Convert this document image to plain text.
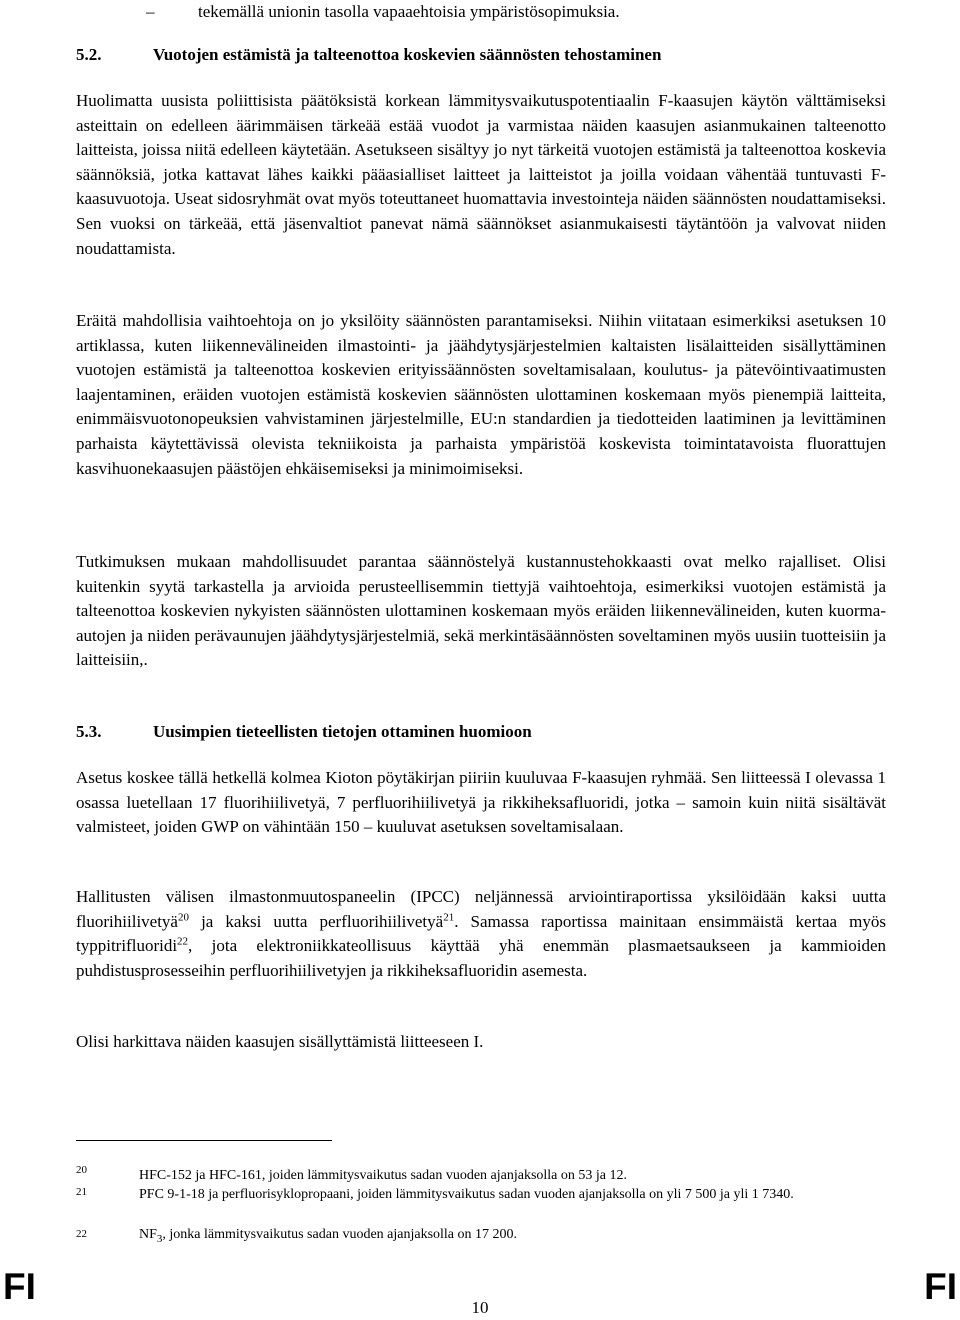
–	tekemällä unionin tasolla vapaaehtoisia ympäristösopimuksia.
5.2.	Vuotojen estämistä ja talteenottoa koskevien säännösten tehostaminen

Huolimatta uusista poliittisista päätöksistä korkean lämmitysvaikutuspotentiaalin F-kaasujen käytön välttämiseksi asteittain on edelleen äärimmäisen tärkeää estää vuodot ja varmistaa näiden kaasujen asianmukainen talteenotto laitteista, joissa niitä edelleen käytetään. Asetukseen sisältyy jo nyt tärkeitä vuotojen estämistä ja talteenottoa koskevia säännöksiä, jotka kattavat lähes kaikki pääasialliset laitteet ja laitteistot ja joilla voidaan vähentää tuntuvasti F-kaasuvuotoja. Useat sidosryhmät ovat myös toteuttaneet huomattavia investointeja näiden säännösten noudattamiseksi. Sen vuoksi on tärkeää, että jäsenvaltiot panevat nämä säännökset asianmukaisesti täytäntöön ja valvovat niiden noudattamista.

Eräitä mahdollisia vaihtoehtoja on jo yksilöity säännösten parantamiseksi. Niihin viitataan esimerkiksi asetuksen 10 artiklassa, kuten liikennevälineiden ilmastointi- ja jäähdytysjärjestelmien kaltaisten lisälaitteiden sisällyttäminen vuotojen estämistä ja talteenottoa koskevien erityissäännösten soveltamisalaan, koulutus- ja pätevöintivaatimusten laajentaminen, eräiden vuotojen estämistä koskevien säännösten ulottaminen koskemaan myös pienempiä laitteita, enimmäisvuotonopeuksien vahvistaminen järjestelmille, EU:n standardien ja tiedotteiden laatiminen ja levittäminen parhaista käytettävissä olevista tekniikoista ja parhaista ympäristöä koskevista toimintatavoista fluorattujen kasvihuonekaasujen päästöjen ehkäisemiseksi ja minimoimiseksi.

Tutkimuksen mukaan mahdollisuudet parantaa säännöstelyä kustannustehokkaasti ovat melko rajalliset. Olisi kuitenkin syytä tarkastella ja arvioida perusteellisemmin tiettyjä vaihtoehtoja, esimerkiksi vuotojen estämistä ja talteenottoa koskevien nykyisten säännösten ulottaminen koskemaan myös eräiden liikennevälineiden, kuten kuorma-autojen ja niiden perävaunujen jäähdytysjärjestelmiä, sekä merkintäsäännösten soveltaminen myös uusiin tuotteisiin ja laitteisiin,.

5.3.	Uusimpien tieteellisten tietojen ottaminen huomioon

Asetus koskee tällä hetkellä kolmea Kioton pöytäkirjan piiriin kuuluvaa F-kaasujen ryhmää. Sen liitteessä I olevassa 1 osassa luetellaan 17 fluorihiilivetyä, 7 perfluorihiilivetyä ja rikkiheksafluoridi, jotka – samoin kuin niitä sisältävät valmisteet, joiden GWP on vähintään 150 – kuuluvat asetuksen soveltamisalaan.

Hallitusten välisen ilmastonmuutospaneelin (IPCC) neljännessä arviointiraportissa yksilöidään kaksi uutta fluorihiilivetyä$^{20}$ ja kaksi uutta perfluorihiilivetyä$^{21}$. Samassa raportissa mainitaan ensimmäistä kertaa myös typpitrifluoridi$^{22}$, jota elektroniikkateollisuus käyttää yhä enemmän plasmaetsaukseen ja kammioiden puhdistusprosesseihin perfluorihiilivetyjen ja rikkiheksafluoridin asemesta.

Olisi harkittava näiden kaasujen sisällyttämistä liitteeseen I.

20	HFC-152 ja HFC-161, joiden lämmitysvaikutus sadan vuoden ajanjaksolla on 53 ja 12.
21	PFC 9-1-18 ja perfluorisyklopropaani, joiden lämmitysvaikutus sadan vuoden ajanjaksolla on yli 7 500 ja yli 1 7340.
22	$NF_3$, jonka lämmitysvaikutus sadan vuoden ajanjaksolla on 17 200.
FI
10
FI
